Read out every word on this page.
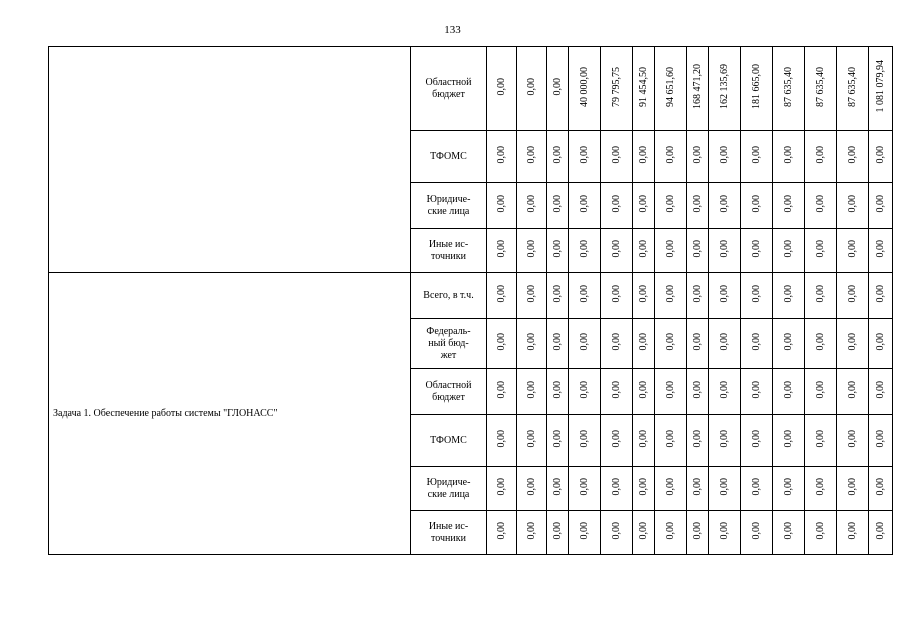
133

	Областной
бюджет	0,00	0,00	0,00	40 000,00	79 795,75	91 454,50	94 651,60	168 471,20	162 135,69	181 665,00	87 635,40	87 635,40	87 635,40	1 081 079,94

	ТФОМС	0,00	0,00	0,00	0,00	0,00	0,00	0,00	0,00	0,00	0,00	0,00	0,00	0,00	0,00

	Юридиче-
ские лица	0,00	0,00	0,00	0,00	0,00	0,00	0,00	0,00	0,00	0,00	0,00	0,00	0,00	0,00

	Иные ис-
точники	0,00	0,00	0,00	0,00	0,00	0,00	0,00	0,00	0,00	0,00	0,00	0,00	0,00	0,00
Задача 1. Обеспечение работы системы "ГЛОНАСС"	Всего, в т.ч.	0,00	0,00	0,00	0,00	0,00	0,00	0,00	0,00	0,00	0,00	0,00	0,00	0,00	0,00

	Федераль-
ный бюд-
жет	0,00	0,00	0,00	0,00	0,00	0,00	0,00	0,00	0,00	0,00	0,00	0,00	0,00	0,00

	Областной
бюджет	0,00	0,00	0,00	0,00	0,00	0,00	0,00	0,00	0,00	0,00	0,00	0,00	0,00	0,00

	ТФОМС	0,00	0,00	0,00	0,00	0,00	0,00	0,00	0,00	0,00	0,00	0,00	0,00	0,00	0,00

	Юридиче-
ские лица	0,00	0,00	0,00	0,00	0,00	0,00	0,00	0,00	0,00	0,00	0,00	0,00	0,00	0,00

	Иные ис-
точники	0,00	0,00	0,00	0,00	0,00	0,00	0,00	0,00	0,00	0,00	0,00	0,00	0,00	0,00
